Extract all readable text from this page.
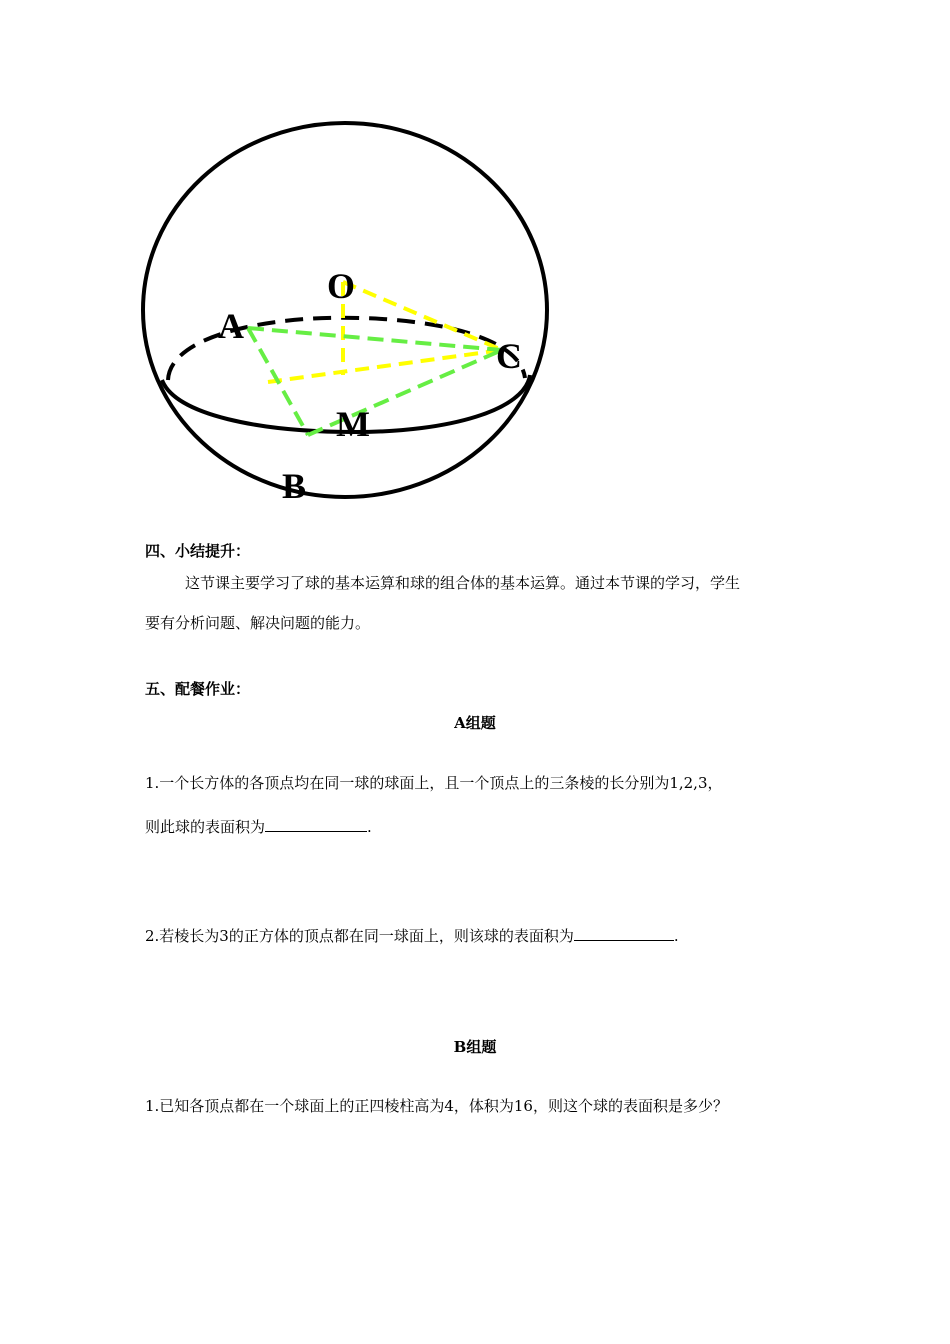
O
A
C
M
B
四、小结提升：
这节课主要学习了球的基本运算和球的组合体的基本运算。通过本节课的学习，学生
要有分析问题、解决问题的能力。
五、配餐作业：
A组题
1.一个长方体的各顶点均在同一球的球面上，且一个顶点上的三条棱的长分别为1,2,3，
则此球的表面积为	.
2.若棱长为3的正方体的顶点都在同一球面上，则该球的表面积为	.
B组题
1.已知各顶点都在一个球面上的正四棱柱高为4，体积为16，则这个球的表面积是多少？
